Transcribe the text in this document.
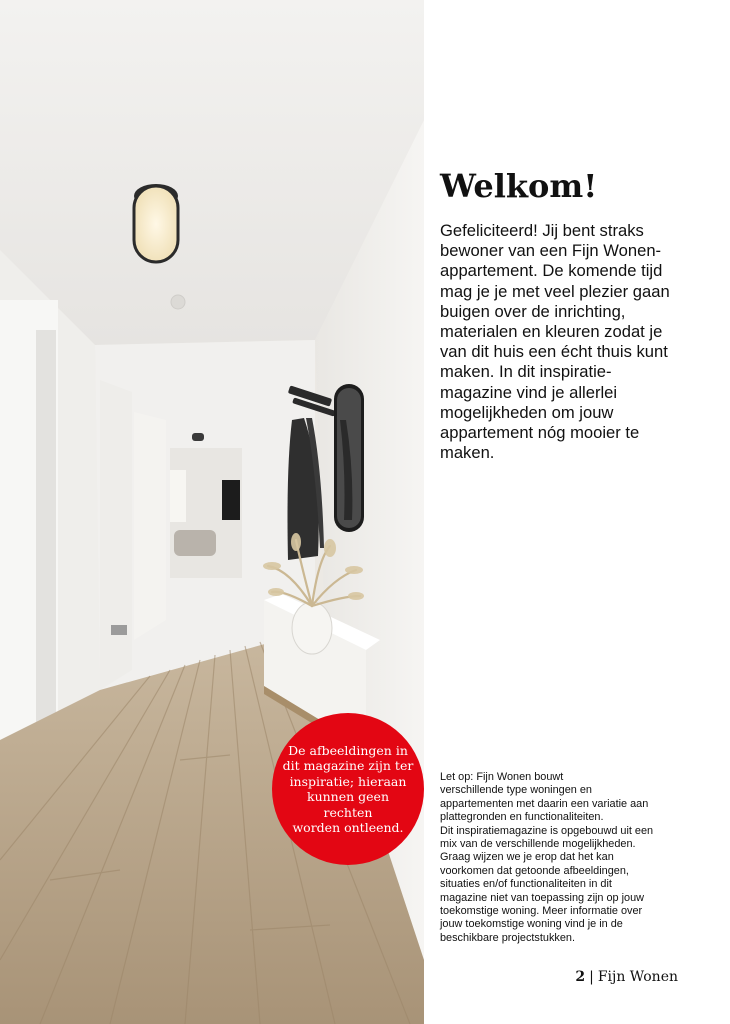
De afbeeldingen in
dit magazine zijn ter
inspiratie; hieraan
kunnen geen rechten
worden ontleend.
Welkom!

Gefeliciteerd! Jij bent straks
bewoner van een Fijn Wonen-
appartement. De komende tijd
mag je je met veel plezier gaan
buigen over de inrichting,
materialen en kleuren zodat je
van dit huis een écht thuis kunt
maken. In dit inspiratie-
magazine vind je allerlei
mogelijkheden om jouw
appartement nóg mooier te
maken.

Let op: Fijn Wonen bouwt
verschillende type woningen en
appartementen met daarin een variatie aan
plattegronden en functionaliteiten.
Dit inspiratiemagazine is opgebouwd uit een
mix van de verschillende mogelijkheden.
Graag wijzen we je erop dat het kan
voorkomen dat getoonde afbeeldingen,
situaties en/of functionaliteiten in dit
magazine niet van toepassing zijn op jouw
toekomstige woning. Meer informatie over
jouw toekomstige woning vind je in de
beschikbare projectstukken.

2 | Fijn Wonen
